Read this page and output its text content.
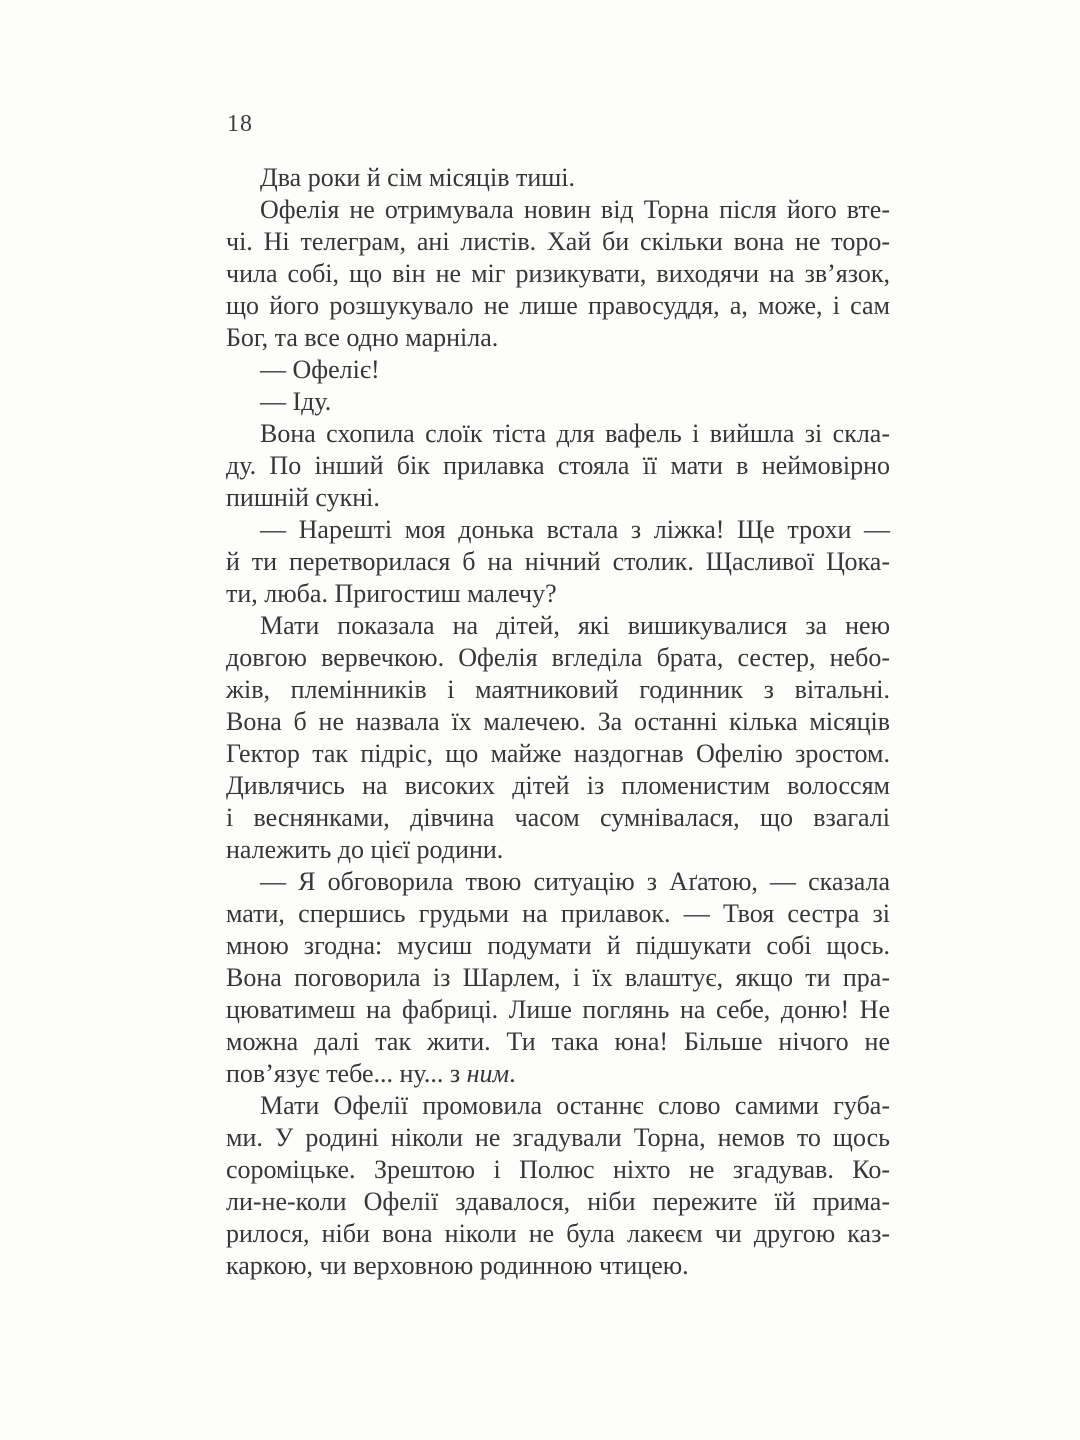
18
Два роки й сім місяців тиші.
Офелія не отримувала новин від Торна після його вте-
чі. Ні телеграм, ані листів. Хай би скільки вона не торо-
чила собі, що він не міг ризикувати, виходячи на зв’язок,
що його розшукувало не лише правосуддя, а, може, і сам
Бог, та все одно марніла.
— Офеліє!
— Іду.
Вона схопила слоїк тіста для вафель і вийшла зі скла-
ду. По інший бік прилавка стояла її мати в неймовірно
пишній сукні.
— Нарешті моя донька встала з ліжка! Ще трохи —
й ти перетворилася б на нічний столик. Щасливої Цока-
ти, люба. Пригостиш малечу?
Мати показала на дітей, які вишикувалися за нею
довгою вервечкою. Офелія вгледіла брата, сестер, небо-
жів, племінників і маятниковий годинник з вітальні.
Вона б не назвала їх малечею. За останні кілька місяців
Гектор так підріс, що майже наздогнав Офелію зростом.
Дивлячись на високих дітей із пломенистим волоссям
і веснянками, дівчина часом сумнівалася, що взагалі
належить до цієї родини.
— Я обговорила твою ситуацію з Аґатою, — сказала
мати, спершись грудьми на прилавок. — Твоя сестра зі
мною згодна: мусиш подумати й підшукати собі щось.
Вона поговорила із Шарлем, і їх влаштує, якщо ти пра-
цюватимеш на фабриці. Лише поглянь на себе, доню! Не
можна далі так жити. Ти така юна! Більше нічого не
пов’язує тебе... ну... з ним.
Мати Офелії промовила останнє слово самими губа-
ми. У родині ніколи не згадували Торна, немов то щось
сороміцьке. Зрештою і Полюс ніхто не згадував. Ко-
ли-не-коли Офелії здавалося, ніби пережите їй прима-
рилося, ніби вона ніколи не була лакеєм чи другою каз-
каркою, чи верховною родинною чтицею.
